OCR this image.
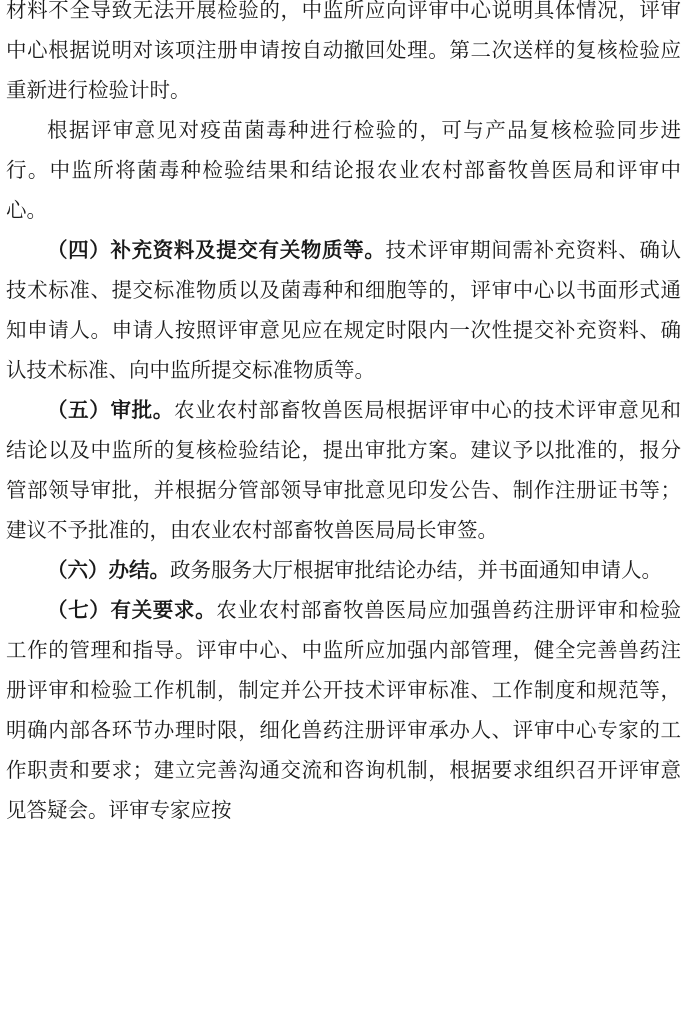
材料不全导致无法开展检验的，中监所应向评审中心说明具体情况，评审中心根据说明对该项注册申请按自动撤回处理。第二次送样的复核检验应重新进行检验计时。

根据评审意见对疫苗菌毒种进行检验的，可与产品复核检验同步进行。中监所将菌毒种检验结果和结论报农业农村部畜牧兽医局和评审中心。

（四）补充资料及提交有关物质等。技术评审期间需补充资料、确认技术标准、提交标准物质以及菌毒种和细胞等的，评审中心以书面形式通知申请人。申请人按照评审意见应在规定时限内一次性提交补充资料、确认技术标准、向中监所提交标准物质等。

（五）审批。农业农村部畜牧兽医局根据评审中心的技术评审意见和结论以及中监所的复核检验结论，提出审批方案。建议予以批准的，报分管部领导审批，并根据分管部领导审批意见印发公告、制作注册证书等；建议不予批准的，由农业农村部畜牧兽医局局长审签。

（六）办结。政务服务大厅根据审批结论办结，并书面通知申请人。

（七）有关要求。农业农村部畜牧兽医局应加强兽药注册评审和检验工作的管理和指导。评审中心、中监所应加强内部管理，健全完善兽药注册评审和检验工作机制，制定并公开技术评审标准、工作制度和规范等，明确内部各环节办理时限，细化兽药注册评审承办人、评审中心专家的工作职责和要求；建立完善沟通交流和咨询机制，根据要求组织召开评审意见答疑会。评审专家应按
